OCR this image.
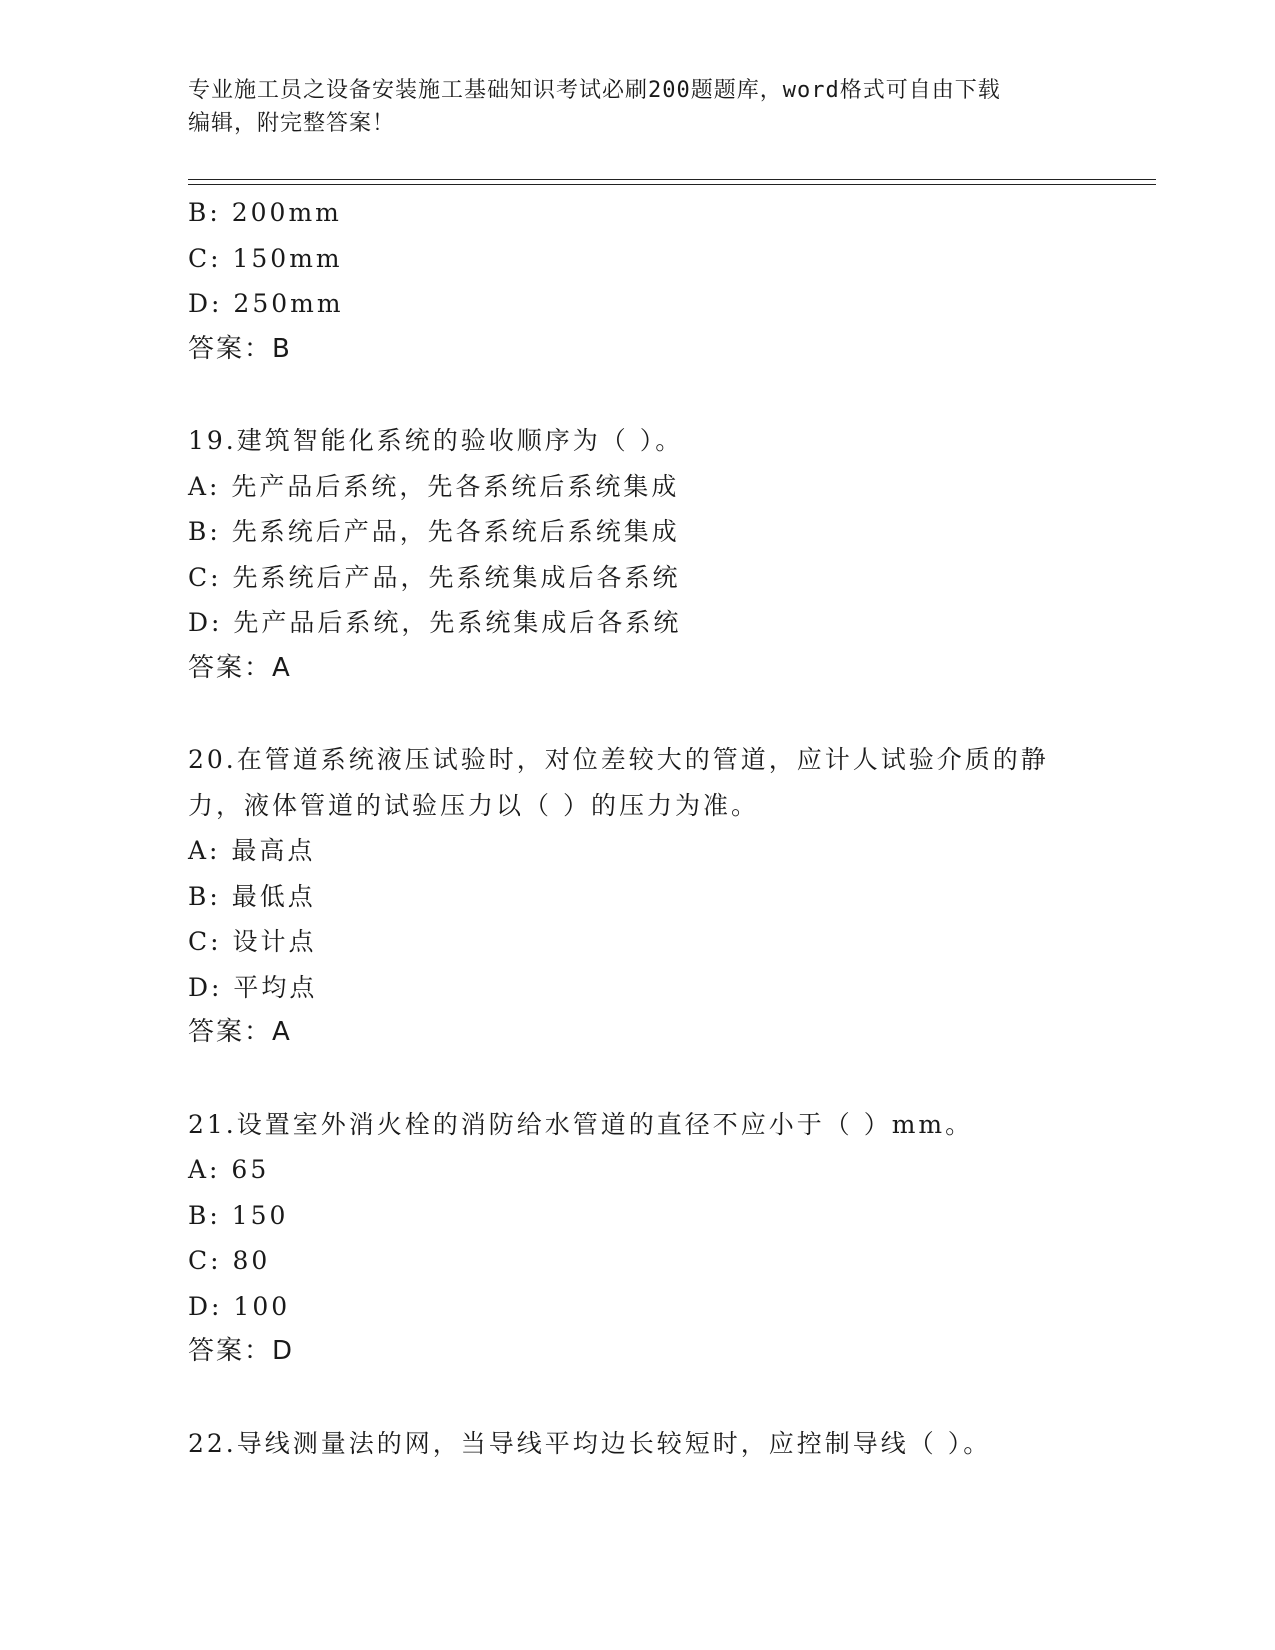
专业施工员之设备安装施工基础知识考试必刷200题题库，word格式可自由下载
编辑，附完整答案！
B: 200mm
C: 150mm
D: 250mm
答案：B
19.建筑智能化系统的验收顺序为（ ）。
A: 先产品后系统，先各系统后系统集成
B: 先系统后产品，先各系统后系统集成
C: 先系统后产品，先系统集成后各系统
D: 先产品后系统，先系统集成后各系统
答案：A
20.在管道系统液压试验时，对位差较大的管道，应计人试验介质的静
力，液体管道的试验压力以（ ）的压力为准。
A: 最高点
B: 最低点
C: 设计点
D: 平均点
答案：A
21.设置室外消火栓的消防给水管道的直径不应小于（ ）mm。
A: 65
B: 150
C: 80
D: 100
答案：D
22.导线测量法的网，当导线平均边长较短时，应控制导线（ ）。
